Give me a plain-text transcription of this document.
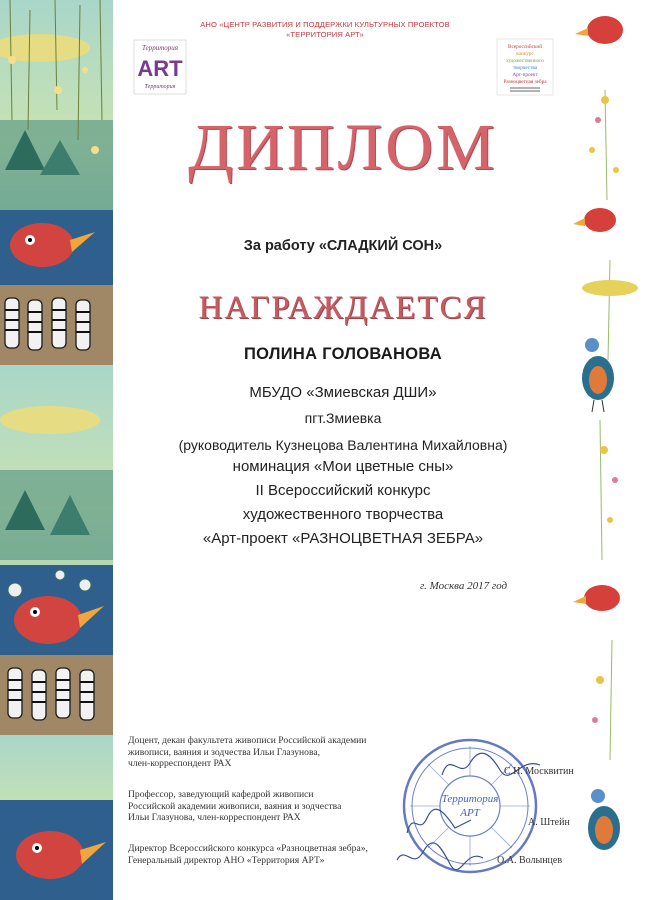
АНО «ЦЕНТР РАЗВИТИЯ И ПОДДЕРЖКИ КУЛЬТУРНЫХ ПРОЕКТОВ
«ТЕРРИТОРИЯ АРТ»
Территория
ART
Территория
Всероссийский
конкурс
художественного
творчества
Арт-проект
Разноцветная зебра
ДИПЛОМ
За работу «СЛАДКИЙ СОН»
НАГРАЖДАЕТСЯ
ПОЛИНА ГОЛОВАНОВА
МБУДО «Змиевская ДШИ»
пгт.Змиевка
(руководитель Кузнецова Валентина Михайловна)
номинация «Мои цветные сны»
II Всероссийский конкурс
художественного творчества
«Арт-проект «РАЗНОЦВЕТНАЯ ЗЕБРА»
г. Москва 2017 год
Территория
АРТ
Доцент, декан факультета живописи Российской академии
живописи, ваяния и зодчества Ильи Глазунова,
член-корреспондент РАХ
С.Н. Москвитин
Профессор, заведующий кафедрой живописи
Российской академии живописи, ваяния и зодчества
Ильи Глазунова, член-корреспондент РАХ	А. Штейн
Директор Всероссийского конкурса «Разноцветная зебра»,
Генеральный директор АНО «Территория АРТ»	О.А. Волынцев
